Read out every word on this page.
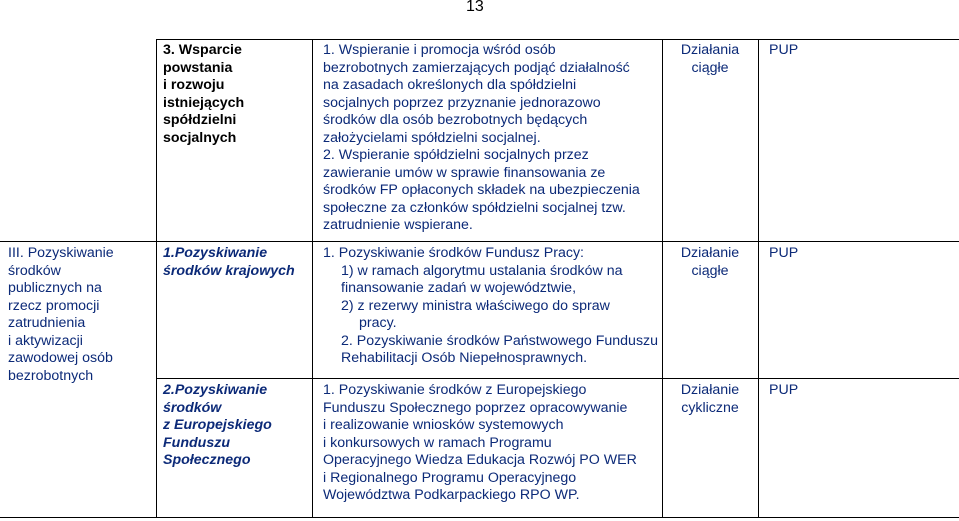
13
3. Wsparcie
powstania
i rozwoju
istniejących
spółdzielni
socjalnych
1. Wspieranie i promocja wśród osób
bezrobotnych zamierzających podjąć działalność
na zasadach określonych dla spółdzielni
socjalnych poprzez przyznanie jednorazowo
środków dla osób bezrobotnych będących
założycielami spółdzielni socjalnej.
2. Wspieranie spółdzielni socjalnych przez
zawieranie umów w sprawie finansowania ze
środków FP opłaconych składek na ubezpieczenia
społeczne za członków spółdzielni socjalnej tzw.
zatrudnienie wspierane.
Działania
ciągłe
PUP
III. Pozyskiwanie
środków
publicznych na
rzecz promocji
zatrudnienia
i aktywizacji
zawodowej osób
bezrobotnych
1.Pozyskiwanie
środków krajowych
1. Pozyskiwanie środków Fundusz Pracy:
1) w ramach algorytmu ustalania środków na
finansowanie zadań w województwie,
2) z rezerwy ministra właściwego do spraw
pracy.
2. Pozyskiwanie środków Państwowego Funduszu
Rehabilitacji Osób Niepełnosprawnych.
Działanie
ciągłe
PUP
2.Pozyskiwanie
środków
z Europejskiego
Funduszu
Społecznego
1. Pozyskiwanie środków z Europejskiego
Funduszu Społecznego poprzez opracowywanie
i realizowanie wniosków systemowych
i konkursowych w ramach Programu
Operacyjnego Wiedza Edukacja Rozwój PO WER
i Regionalnego Programu Operacyjnego
Województwa Podkarpackiego RPO WP.
Działanie
cykliczne
PUP
